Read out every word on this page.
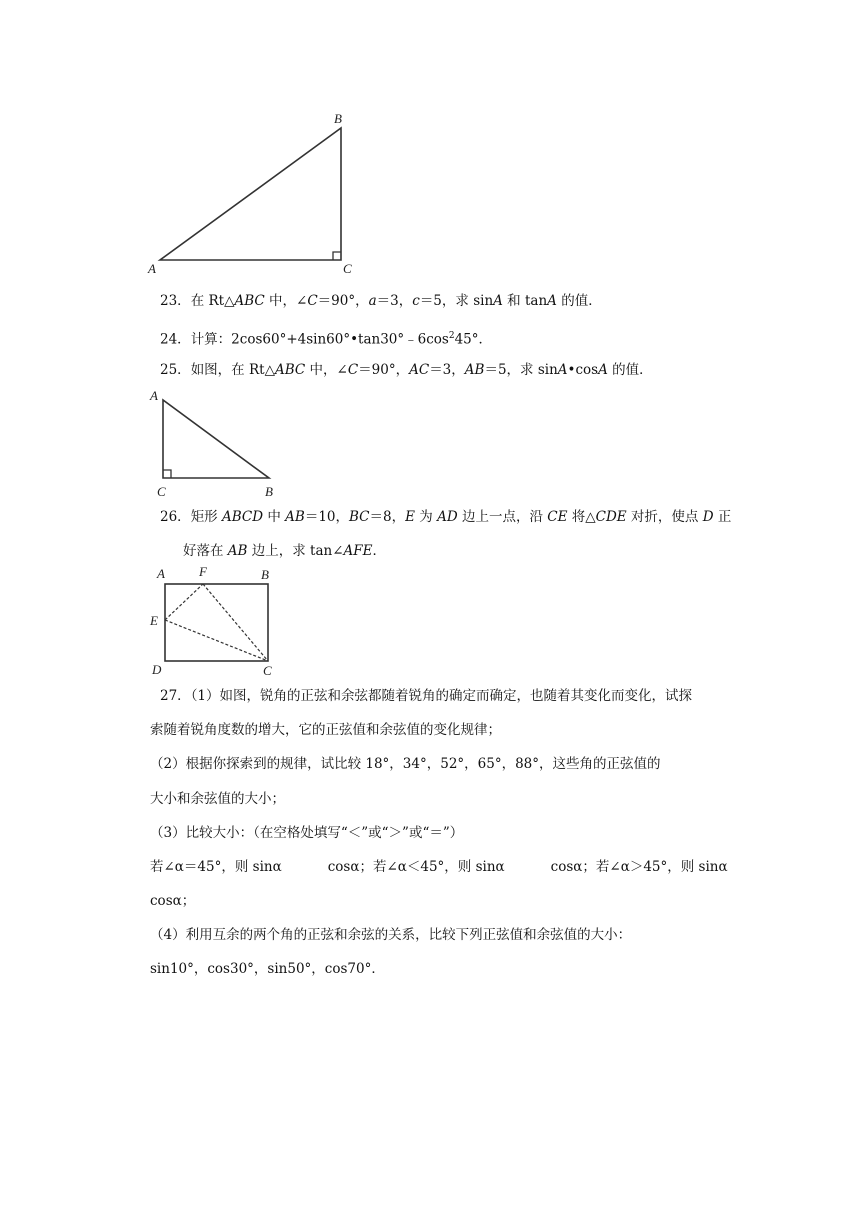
B
A	C
23．在 Rt△ABC 中，∠C＝90°，a＝3，c＝5，求 sinA 和 tanA 的值．
24．计算：$2\cos 60^\circ+4\sin 60^\circ•\tan 30^\circ﹣6\cos^245^\circ$．
25．如图，在 Rt△ABC 中，∠C＝90°，AC＝3，AB＝5，求 sinA•cosA 的值．
A
C	B
26．矩形 ABCD 中 AB＝10，BC＝8，E 为 AD 边上一点，沿 CE 将△CDE 对折，使点 D 正
好落在 AB 边上，求 tan∠AFE．
A	F	B
E
D	C
27．（1）如图，锐角的正弦和余弦都随着锐角的确定而确定，也随着其变化而变化，试探
索随着锐角度数的增大，它的正弦值和余弦值的变化规律；
（2）根据你探索到的规律，试比较 18°，34°，52°，65°，88°，这些角的正弦值的
大小和余弦值的大小；
（3）比较大小：（在空格处填写“＜”或“＞”或“＝”）
若∠α＝45°，则 sinα	cosα；若∠α＜45°，则 sinα	cosα；若∠α＞45°，则 sinα
cosα；
（4）利用互余的两个角的正弦和余弦的关系，比较下列正弦值和余弦值的大小：
sin10°，cos30°，sin50°，cos70°．
